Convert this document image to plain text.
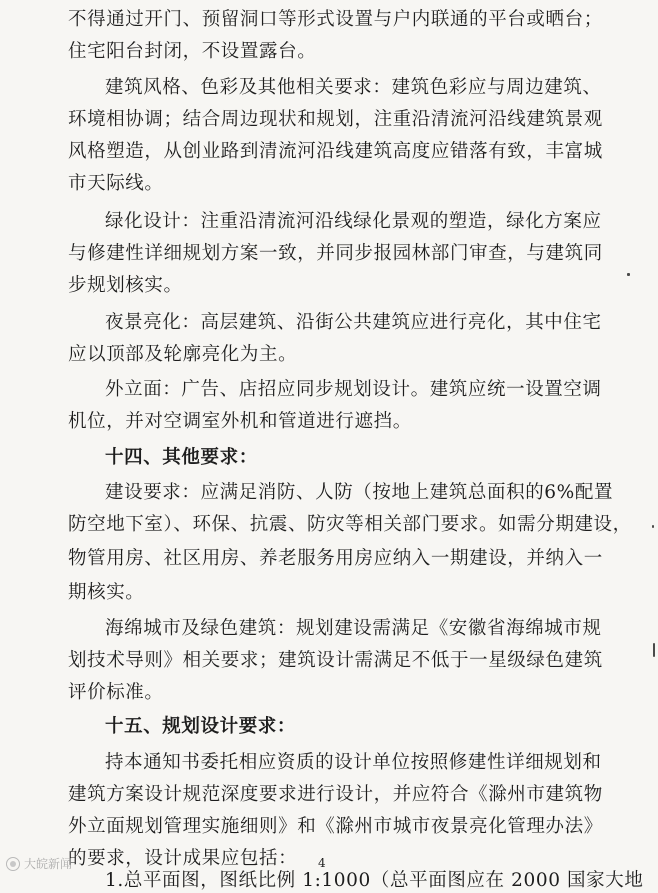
不得通过开门、预留洞口等形式设置与户内联通的平台或晒台；
住宅阳台封闭，不设置露台。
建筑风格、色彩及其他相关要求：建筑色彩应与周边建筑、
环境相协调；结合周边现状和规划，注重沿清流河沿线建筑景观
风格塑造，从创业路到清流河沿线建筑高度应错落有致，丰富城
市天际线。
绿化设计：注重沿清流河沿线绿化景观的塑造，绿化方案应
与修建性详细规划方案一致，并同步报园林部门审查，与建筑同
步规划核实。
夜景亮化：高层建筑、沿街公共建筑应进行亮化，其中住宅
应以顶部及轮廓亮化为主。
外立面：广告、店招应同步规划设计。建筑应统一设置空调
机位，并对空调室外机和管道进行遮挡。
十四、其他要求：
建设要求：应满足消防、人防（按地上建筑总面积的6%配置
防空地下室）、环保、抗震、防灾等相关部门要求。如需分期建设，
物管用房、社区用房、养老服务用房应纳入一期建设，并纳入一
期核实。
海绵城市及绿色建筑：规划建设需满足《安徽省海绵城市规
划技术导则》相关要求；建筑设计需满足不低于一星级绿色建筑
评价标准。
十五、规划设计要求：
持本通知书委托相应资质的设计单位按照修建性详细规划和
建筑方案设计规范深度要求进行设计，并应符合《滁州市建筑物
外立面规划管理实施细则》和《滁州市城市夜景亮化管理办法》
的要求，设计成果应包括：
1.总平面图，图纸比例 1:1000（总平面图应在 2000 国家大地
4
大皖新闻
